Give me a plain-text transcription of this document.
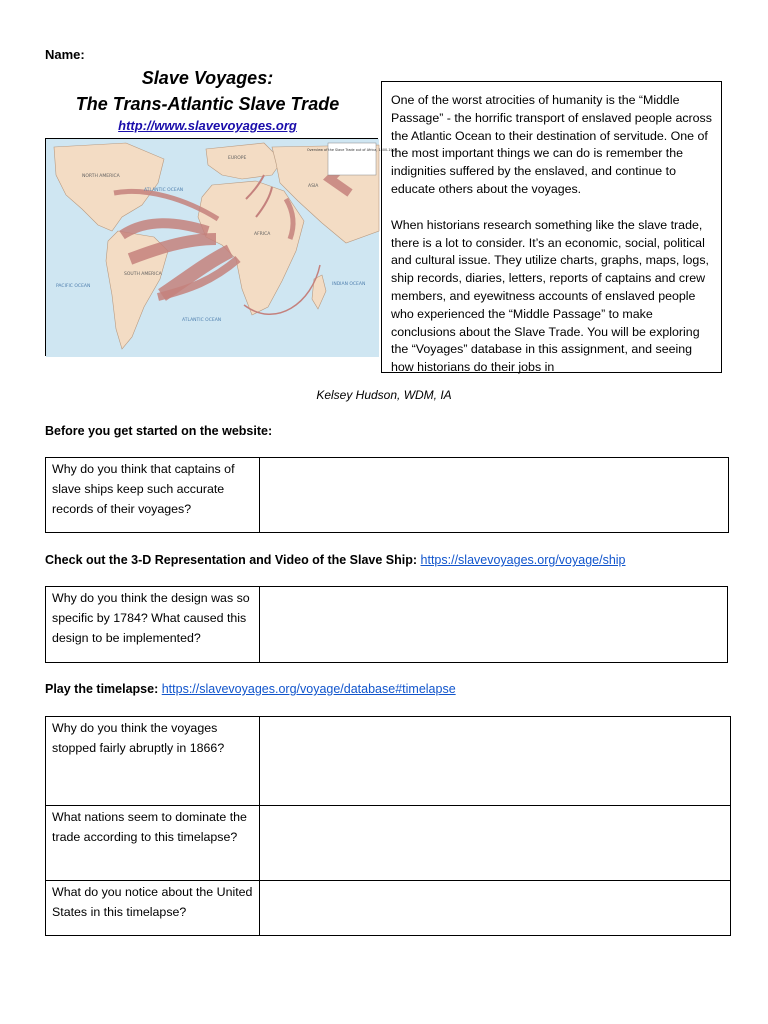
Name:
Slave Voyages:
The Trans-Atlantic Slave Trade
http://www.slavevoyages.org
Overview of the Slave Trade out of Africa, 1500-1900
NORTH AMERICA
EUROPE
ASIA
AFRICA
SOUTH AMERICA
ATLANTIC OCEAN
PACIFIC OCEAN	INDIAN OCEAN
ATLANTIC OCEAN

One of the worst atrocities of humanity is the “Middle Passage” - the horrific transport of enslaved people across the Atlantic Ocean to their destination of servitude. One of the most important things we can do is remember the indignities suffered by the enslaved, and continue to educate others about the voyages.

When historians research something like the slave trade, there is a lot to consider. It’s an economic, social, political and cultural issue. They utilize charts, graphs, maps, logs, ship records, diaries, letters, reports of captains and crew members, and eyewitness accounts of enslaved people who experienced the “Middle Passage” to make conclusions about the Slave Trade. You will be exploring the “Voyages” database in this assignment, and seeing how historians do their jobs in

Kelsey Hudson, WDM, IA
Before you get started on the website:
Why do you think that captains of slave ships keep such accurate records of their voyages?	
Check out the 3-D Representation and Video of the Slave Ship: https://slavevoyages.org/voyage/ship
Why do you think the design was so specific by 1784? What caused this design to be implemented?	
Play the timelapse: https://slavevoyages.org/voyage/database#timelapse
Why do you think the voyages stopped fairly abruptly in 1866?	
What nations seem to dominate the trade according to this timelapse?	
What do you notice about the United States in this timelapse?	
